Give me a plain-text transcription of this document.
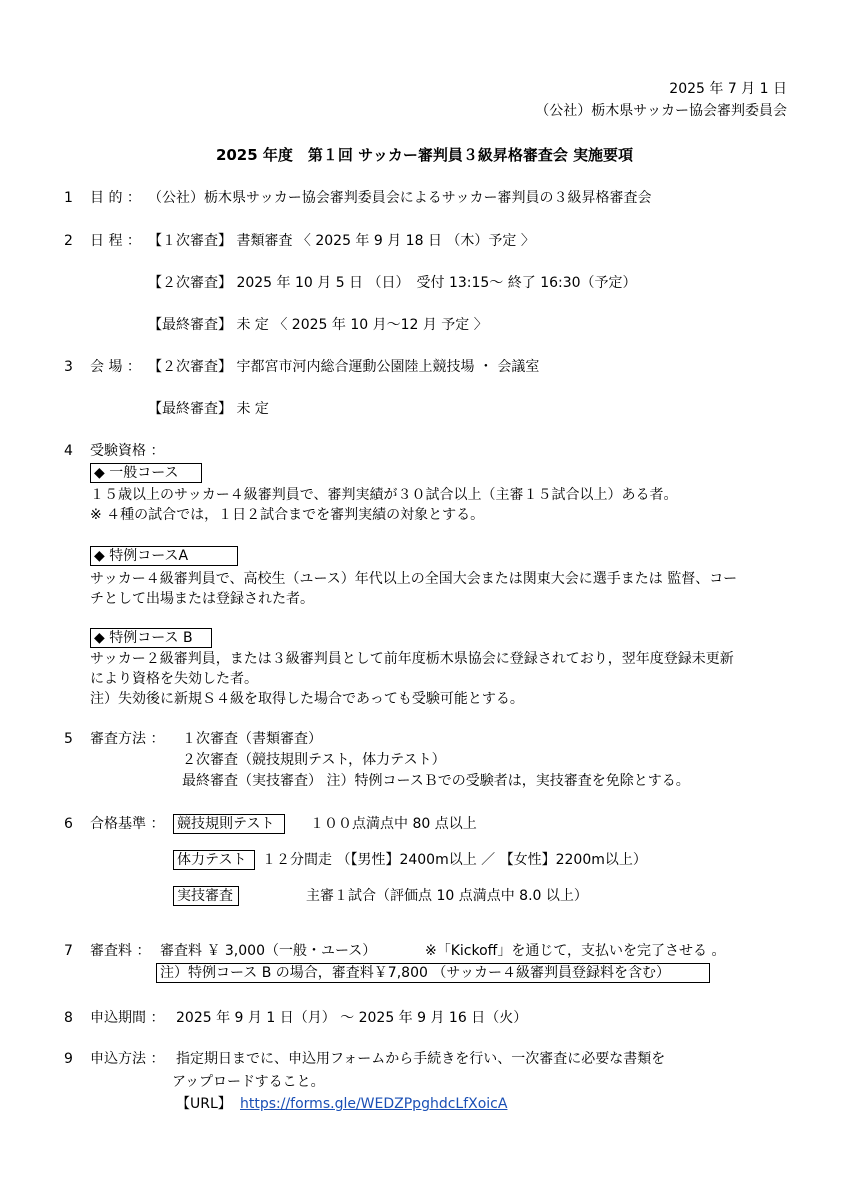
2025 年 7 月 1 日
（公社）栃木県サッカー協会審判委員会
2025 年度　第１回 サッカー審判員３級昇格審査会 実施要項
1 目 的 ： （公社）栃木県サッカー協会審判委員会によるサッカー審判員の３級昇格審査会
2 日 程 ： 【１次審査】 書類審査 〈 2025 年 9 月 18 日 （木）予定 〉
【２次審査】 2025 年 10 月 5 日 （日）　受付 13:15～ 終了 16:30（予定）
【最終審査】 未 定 〈 2025 年 10 月～12 月 予定 〉
3 会 場 ： 【２次審査】 宇都宮市河内総合運動公園陸上競技場 ・ 会議室
【最終審査】 未 定
4 受験資格 ：
◆ 一般コース
１５歳以上のサッカー４級審判員で、審判実績が３０試合以上（主審１５試合以上）ある者。
※ ４種の試合では，１日２試合までを審判実績の対象とする。
◆ 特例コースA
サッカー４級審判員で、高校生（ユース）年代以上の全国大会または関東大会に選手または 監督、コー
チとして出場または登録された者。
◆ 特例コース B
サッカー２級審判員，または３級審判員として前年度栃木県協会に登録されており，翌年度登録未更新
により資格を失効した者。
注）失効後に新規Ｓ４級を取得した場合であっても受験可能とする。
5 審査方法 ： １次審査（書類審査）
２次審査（競技規則テスト，体力テスト）
最終審査（実技審査） 注）特例コースＢでの受験者は，実技審査を免除とする。
6 合格基準 ： 競技規則テスト	１００点満点中 80 点以上
体力テスト	１２分間走 （【男性】2400m以上 ／ 【女性】2200m以上）
実技審査	主審１試合（評価点 10 点満点中 8.0 以上）
7 審査料 ： 審査料 ￥ 3,000（一般・ユース）	※「Kickoff」を通じて，支払いを完了させる 。
注）特例コース B の場合，審査料￥7,800 （サッカー４級審判員登録料を含む）
8 申込期間 ： 2025 年 9 月 1 日（月） ～ 2025 年 9 月 16 日（火）
9 申込方法 ： 指定期日までに、申込用フォームから手続きを行い、一次審査に必要な書類を
アップロードすること。
【URL】 https://forms.gle/WEDZPpghdcLfXoicA
